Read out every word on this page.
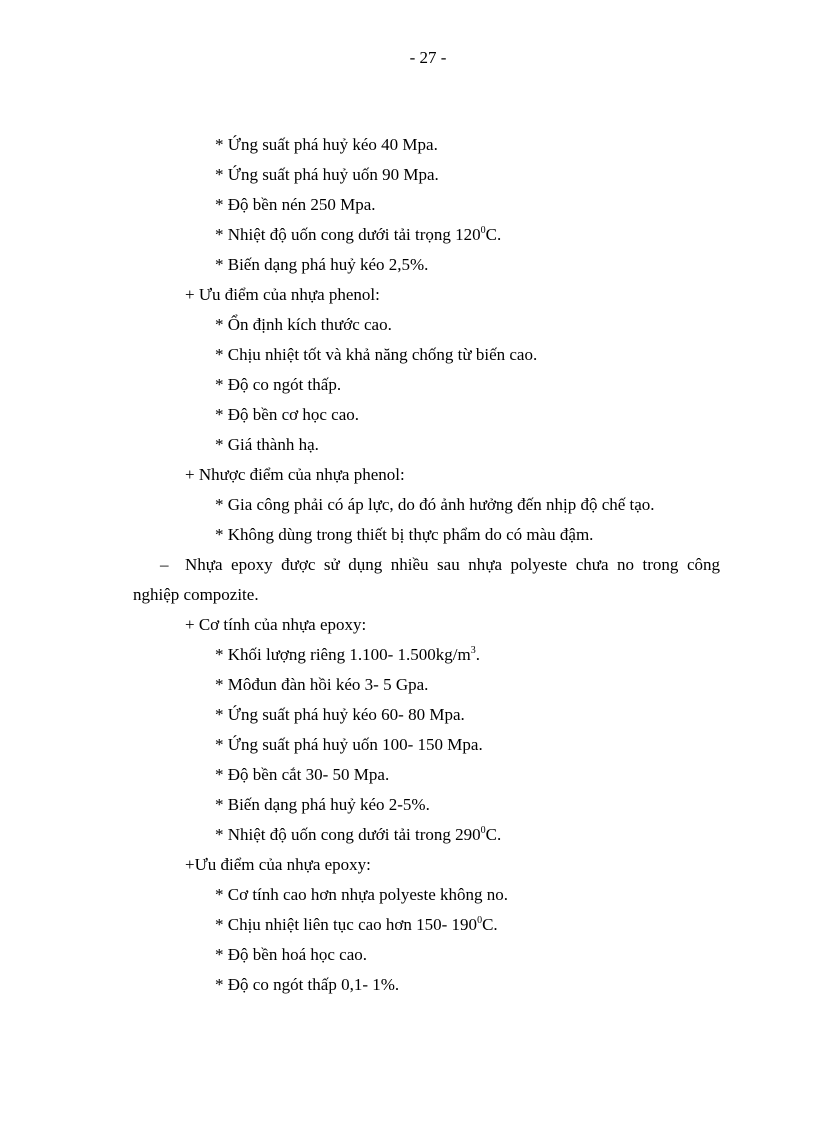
- 27 -
* Ứng suất phá huỷ kéo 40 Mpa.
* Ứng suất phá huỷ uốn 90 Mpa.
* Độ bền nén 250 Mpa.
* Nhiệt độ uốn cong dưới tải trọng $120^0C$.
* Biến dạng phá huỷ kéo 2,5%.
+ Ưu điểm của nhựa phenol:
* Ổn định kích thước cao.
* Chịu nhiệt tốt và khả năng chống từ biến cao.
* Độ co ngót thấp.
* Độ bền cơ học cao.
* Giá thành hạ.
+ Nhược điểm của nhựa phenol:
* Gia công phải có áp lực, do đó ảnh hưởng đến nhịp độ chế tạo.
* Không dùng trong thiết bị thực phẩm do có màu đậm.
– Nhựa epoxy được sử dụng nhiều sau nhựa polyeste chưa no trong công
nghiệp compozite.
+ Cơ tính của nhựa epoxy:
* Khối lượng riêng 1.100- $1.500kg/m^3$.
* Môđun đàn hồi kéo 3- 5 Gpa.
* Ứng suất phá huỷ kéo 60- 80 Mpa.
* Ứng suất phá huỷ uốn 100- 150 Mpa.
* Độ bền cắt 30- 50 Mpa.
* Biến dạng phá huỷ kéo 2-5%.
* Nhiệt độ uốn cong dưới tải trong $290^0C$.
+Ưu điểm của nhựa epoxy:
* Cơ tính cao hơn nhựa polyeste không no.
* Chịu nhiệt liên tục cao hơn 150- $190^0C$.
* Độ bền hoá học cao.
* Độ co ngót thấp 0,1- 1%.
